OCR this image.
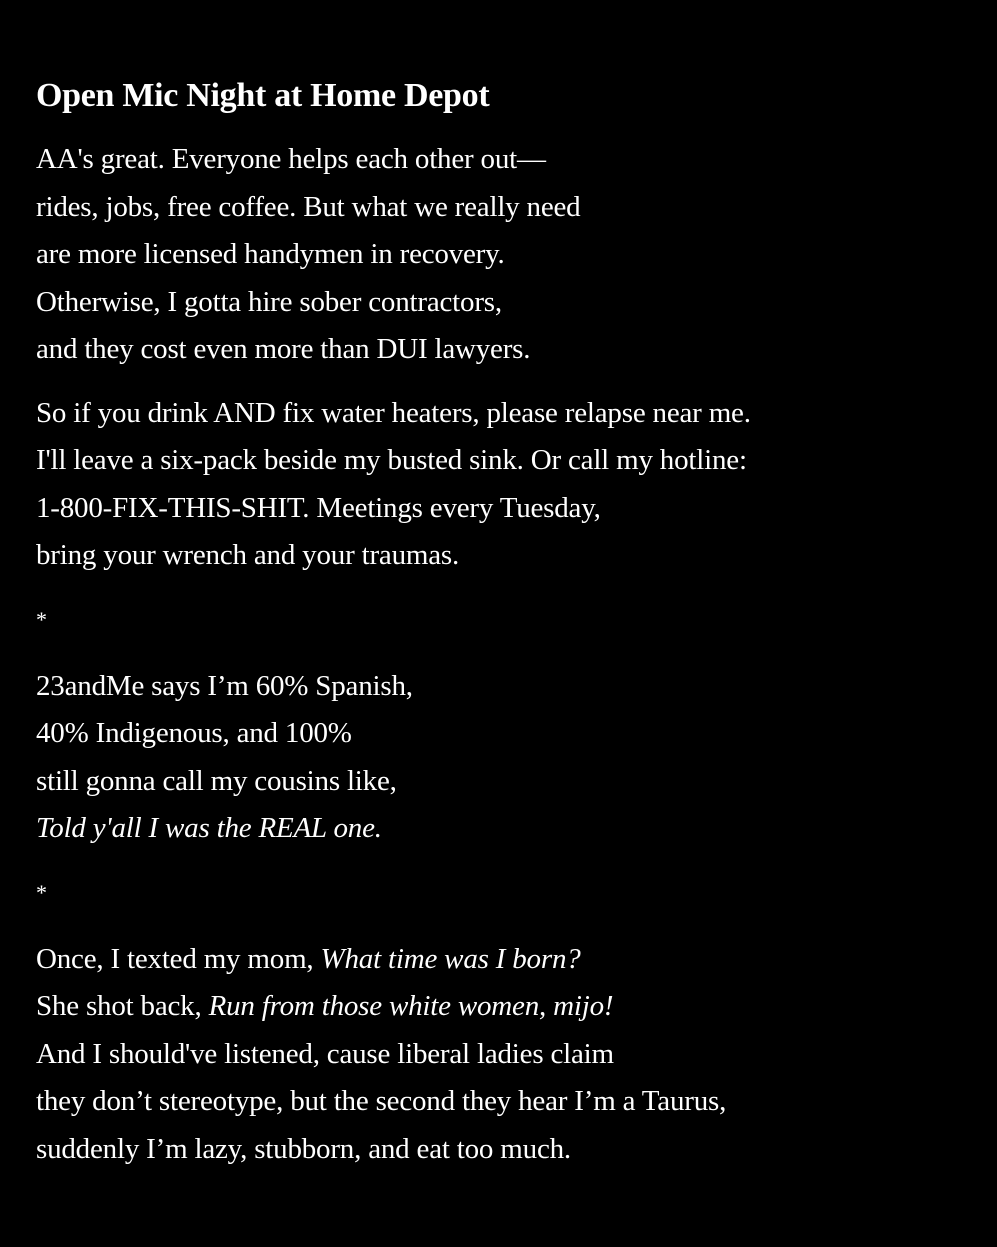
Open Mic Night at Home Depot
AA's great. Everyone helps each other out—
rides, jobs, free coffee. But what we really need
are more licensed handymen in recovery.
Otherwise, I gotta hire sober contractors,
and they cost even more than DUI lawyers.
So if you drink AND fix water heaters, please relapse near me.
I'll leave a six-pack beside my busted sink. Or call my hotline:
1-800-FIX-THIS-SHIT. Meetings every Tuesday,
bring your wrench and your traumas.
*
23andMe says I’m 60% Spanish,
40% Indigenous, and 100%
still gonna call my cousins like,
Told y'all I was the REAL one.
*
Once, I texted my mom, What time was I born?
She shot back, Run from those white women, mijo!
And I should've listened, cause liberal ladies claim
they don’t stereotype, but the second they hear I’m a Taurus,
suddenly I’m lazy, stubborn, and eat too much.
